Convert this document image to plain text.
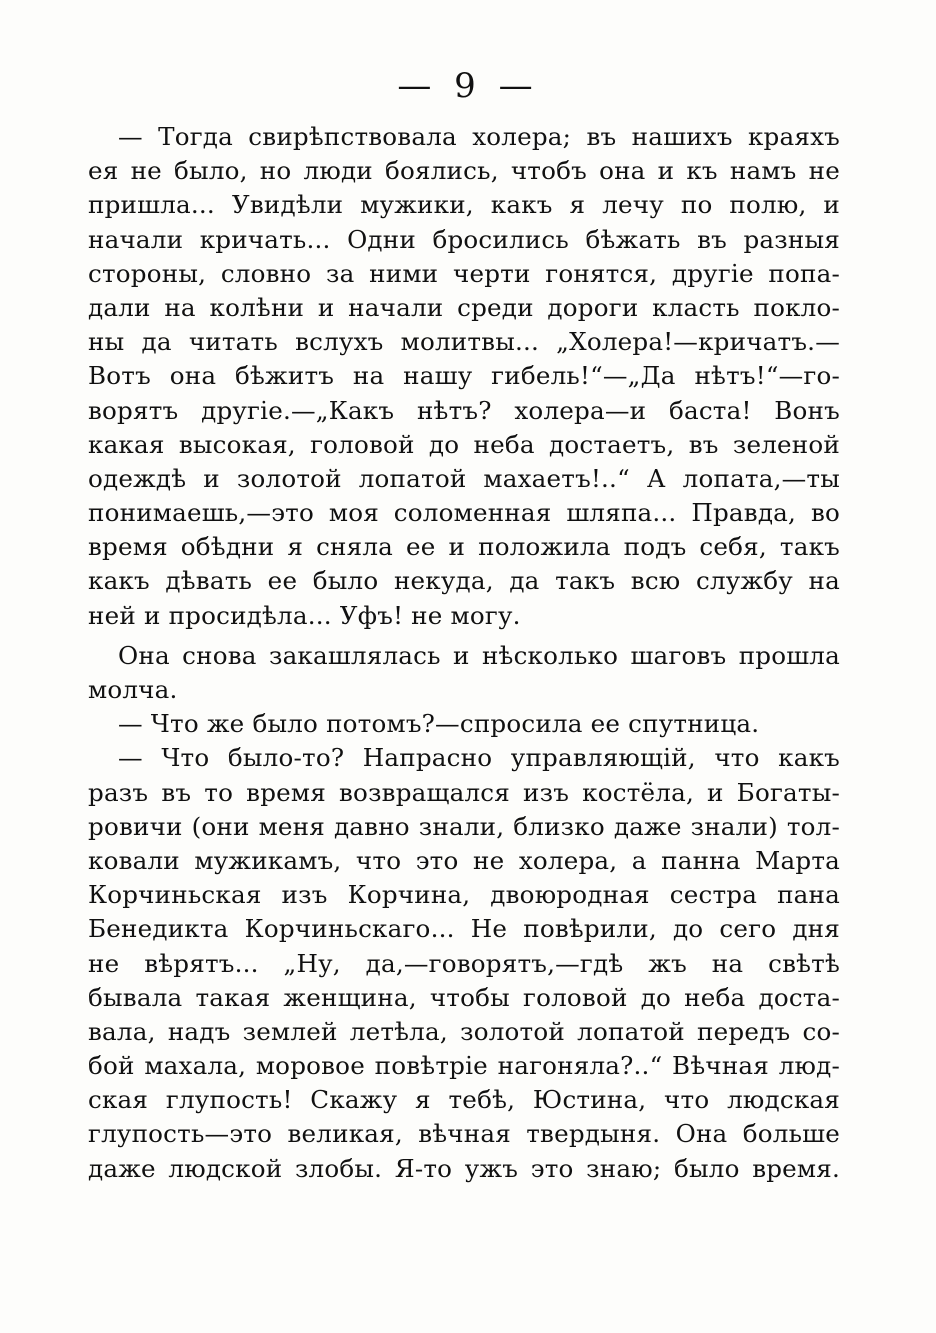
— 9 —
— Тогда свирѣпствовала холера; въ нашихъ краяхъ
ея не было, но люди боялись, чтобъ она и къ намъ не
пришла... Увидѣли мужики, какъ я лечу по полю, и
начали кричать... Одни бросились бѣжать въ разныя
стороны, словно за ними черти гонятся, другіе попа-
дали на колѣни и начали среди дороги класть покло-
ны да читать вслухъ молитвы... „Холера!—кричатъ.—
Вотъ она бѣжитъ на нашу гибель!“—„Да нѣтъ!“—го-
ворятъ другіе.—„Какъ нѣтъ? холера—и баста! Вонъ
какая высокая, головой до неба достаетъ, въ зеленой
одеждѣ и золотой лопатой махаетъ!..“ А лопата,—ты
понимаешь,—это моя соломенная шляпа... Правда, во
время обѣдни я сняла ее и положила подъ себя, такъ
какъ дѣвать ее было некуда, да такъ всю службу на
ней и просидѣла... Уфъ! не могу.
Она снова закашлялась и нѣсколько шаговъ прошла
молча.
— Что же было потомъ?—спросила ее спутница.
— Что было-то? Напрасно управляющій, что какъ
разъ въ то время возвращался изъ костёла, и Богаты-
ровичи (они меня давно знали, близко даже знали) тол-
ковали мужикамъ, что это не холера, а панна Марта
Корчиньская изъ Корчина, двоюродная сестра пана
Бенедикта Корчиньскаго... Не повѣрили, до сего дня
не вѣрятъ... „Ну, да,—говорятъ,—гдѣ жъ на свѣтѣ
бывала такая женщина, чтобы головой до неба доста-
вала, надъ землей летѣла, золотой лопатой передъ со-
бой махала, моровое повѣтріе нагоняла?..“ Вѣчная люд-
ская глупость! Скажу я тебѣ, Юстина, что людская
глупость—это великая, вѣчная твердыня. Она больше
даже людской злобы. Я-то ужъ это знаю; было время.
